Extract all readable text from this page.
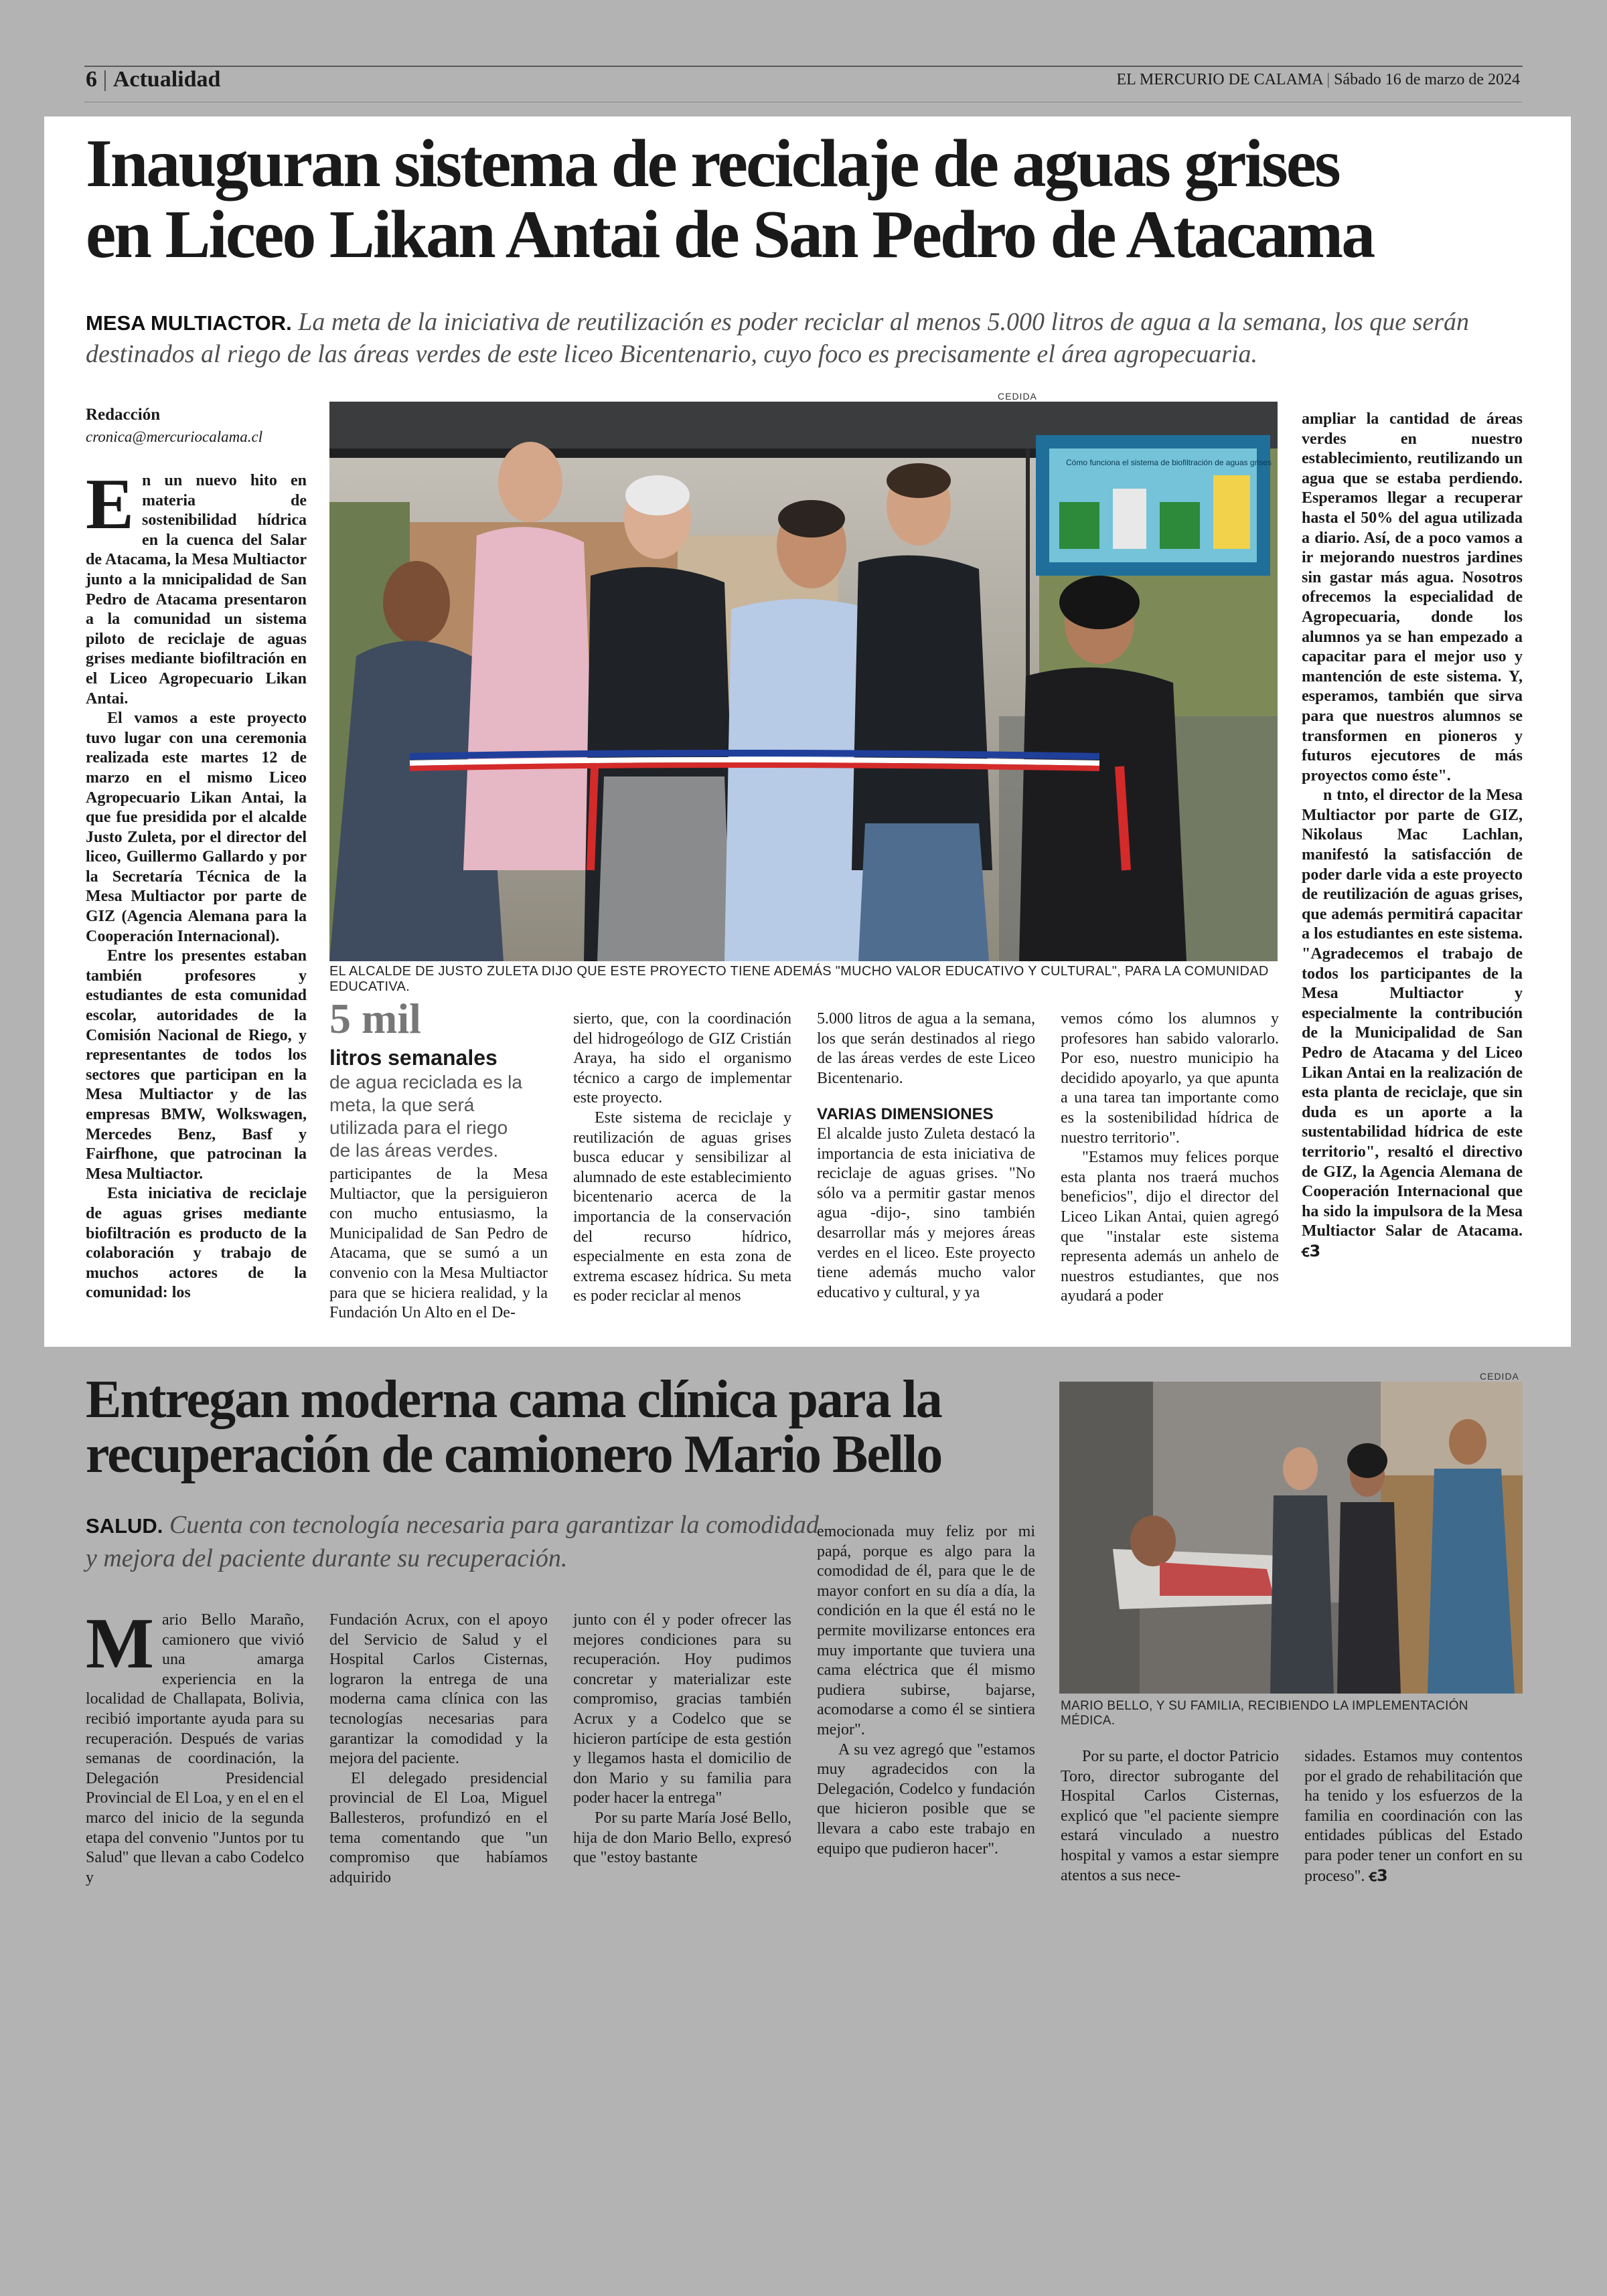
6 | Actualidad	EL MERCURIO DE CALAMA | Sábado 16 de marzo de 2024
Inauguran sistema de reciclaje de aguas grises
en Liceo Likan Antai de San Pedro de Atacama
MESA MULTIACTOR. La meta de la iniciativa de reutilización es poder reciclar al menos 5.000 litros de agua a la semana, los que serán destinados al riego de las áreas verdes de este liceo Bicentenario, cuyo foco es precisamente el área agropecuaria.
Redacción
cronica@mercuriocalama.cl

En un nuevo hito en materia de sostenibilidad hídrica en la cuenca del Salar de Atacama, la Mesa Multiactor junto a la mnicipalidad de San Pedro de Atacama presentaron a la comunidad un sistema piloto de reciclaje de aguas grises mediante biofiltración en el Liceo Agropecuario Likan Antai.

El vamos a este proyecto tuvo lugar con una ceremonia realizada este martes 12 de marzo en el mismo Liceo Agropecuario Likan Antai, la que fue presidida por el alcalde Justo Zuleta, por el director del liceo, Guillermo Gallardo y por la Secretaría Técnica de la Mesa Multiactor por parte de GIZ (Agencia Alemana para la Cooperación Internacional).

Entre los presentes estaban también profesores y estudiantes de esta comunidad escolar, autoridades de la Comisión Nacional de Riego, y representantes de todos los sectores que participan en la Mesa Multiactor y de las empresas BMW, Wolkswagen, Mercedes Benz, Basf y Fairfhone, que patrocinan la Mesa Multiactor.

Esta iniciativa de reciclaje de aguas grises mediante biofiltración es producto de la colaboración y trabajo de muchos actores de la comunidad: los

CEDIDA
Cómo funciona el sistema de biofiltración de aguas grises
EL ALCALDE DE JUSTO ZULETA DIJO QUE ESTE PROYECTO TIENE ADEMÁS "MUCHO VALOR EDUCATIVO Y CULTURAL", PARA LA COMUNIDAD EDUCATIVA.
5 mil
litros semanales
de agua reciclada es la meta, la que será utilizada para el riego de las áreas verdes.

participantes de la Mesa Multiactor, que la persiguieron con mucho entusiasmo, la Municipalidad de San Pedro de Atacama, que se sumó a un convenio con la Mesa Multiactor para que se hiciera realidad, y la Fundación Un Alto en el De-

sierto, que, con la coordinación del hidrogeólogo de GIZ Cristián Araya, ha sido el organismo técnico a cargo de implementar este proyecto.

Este sistema de reciclaje y reutilización de aguas grises busca educar y sensibilizar al alumnado de este establecimiento bicentenario acerca de la importancia de la conservación del recurso hídrico, especialmente en esta zona de extrema escasez hídrica. Su meta es poder reciclar al menos

5.000 litros de agua a la semana, los que serán destinados al riego de las áreas verdes de este Liceo Bicentenario.

VARIAS DIMENSIONES

El alcalde justo Zuleta destacó la importancia de esta iniciativa de reciclaje de aguas grises. "No sólo va a permitir gastar menos agua -dijo-, sino también desarrollar más y mejores áreas verdes en el liceo. Este proyecto tiene además mucho valor educativo y cultural, y ya

vemos cómo los alumnos y profesores han sabido valorarlo. Por eso, nuestro municipio ha decidido apoyarlo, ya que apunta a una tarea tan importante como es la sostenibilidad hídrica de nuestro territorio".

"Estamos muy felices porque esta planta nos traerá muchos beneficios", dijo el director del Liceo Likan Antai, quien agregó que "instalar este sistema representa además un anhelo de nuestros estudiantes, que nos ayudará a poder

ampliar la cantidad de áreas verdes en nuestro establecimiento, reutilizando un agua que se estaba perdiendo. Esperamos llegar a recuperar hasta el 50% del agua utilizada a diario. Así, de a poco vamos a ir mejorando nuestros jardines sin gastar más agua. Nosotros ofrecemos la especialidad de Agropecuaria, donde los alumnos ya se han empezado a capacitar para el mejor uso y mantención de este sistema. Y, esperamos, también que sirva para que nuestros alumnos se transformen en pioneros y futuros ejecutores de más proyectos como éste".

n tnto, el director de la Mesa Multiactor por parte de GIZ, Nikolaus Mac Lachlan, manifestó la satisfacción de poder darle vida a este proyecto de reutilización de aguas grises, que además permitirá capacitar a los estudiantes en este sistema. "Agradecemos el trabajo de todos los participantes de la Mesa Multiactor y especialmente la contribución de la Municipalidad de San Pedro de Atacama y del Liceo Likan Antai en la realización de esta planta de reciclaje, que sin duda es un aporte a la sustentabilidad hídrica de este territorio", resaltó el directivo de GIZ, la Agencia Alemana de Cooperación Internacional que ha sido la impulsora de la Mesa Multiactor Salar de Atacama. ꞓ3

Entregan moderna cama clínica para la
recuperación de camionero Mario Bello
SALUD. Cuenta con tecnología necesaria para garantizar la comodidad y mejora del paciente durante su recuperación.
CEDIDA
MARIO BELLO, Y SU FAMILIA, RECIBIENDO LA IMPLEMENTACIÓN MÉDICA.

Mario Bello Maraño, camionero que vivió una amarga experiencia en la localidad de Challapata, Bolivia, recibió importante ayuda para su recuperación. Después de varias semanas de coordinación, la Delegación Presidencial Provincial de El Loa, y en el en el marco del inicio de la segunda etapa del convenio "Juntos por tu Salud" que llevan a cabo Codelco y

Fundación Acrux, con el apoyo del Servicio de Salud y el Hospital Carlos Cisternas, lograron la entrega de una moderna cama clínica con las tecnologías necesarias para garantizar la comodidad y la mejora del paciente.

El delegado presidencial provincial de El Loa, Miguel Ballesteros, profundizó en el tema comentando que "un compromiso que habíamos adquirido

junto con él y poder ofrecer las mejores condiciones para su recuperación. Hoy pudimos concretar y materializar este compromiso, gracias también Acrux y a Codelco que se hicieron partícipe de esta gestión y llegamos hasta el domicilio de don Mario y su familia para poder hacer la entrega"

Por su parte María José Bello, hija de don Mario Bello, expresó que "estoy bastante

emocionada muy feliz por mi papá, porque es algo para la comodidad de él, para que le de mayor confort en su día a día, la condición en la que él está no le permite movilizarse entonces era muy importante que tuviera una cama eléctrica que él mismo pudiera subirse, bajarse, acomodarse a como él se sintiera mejor".

A su vez agregó que "estamos muy agradecidos con la Delegación, Codelco y fundación que hicieron posible que se llevara a cabo este trabajo en equipo que pudieron hacer".

Por su parte, el doctor Patricio Toro, director subrogante del Hospital Carlos Cisternas, explicó que "el paciente siempre estará vinculado a nuestro hospital y vamos a estar siempre atentos a sus nece-

sidades. Estamos muy contentos por el grado de rehabilitación que ha tenido y los esfuerzos de la familia en coordinación con las entidades públicas del Estado para poder tener un confort en su proceso". ꞓ3
